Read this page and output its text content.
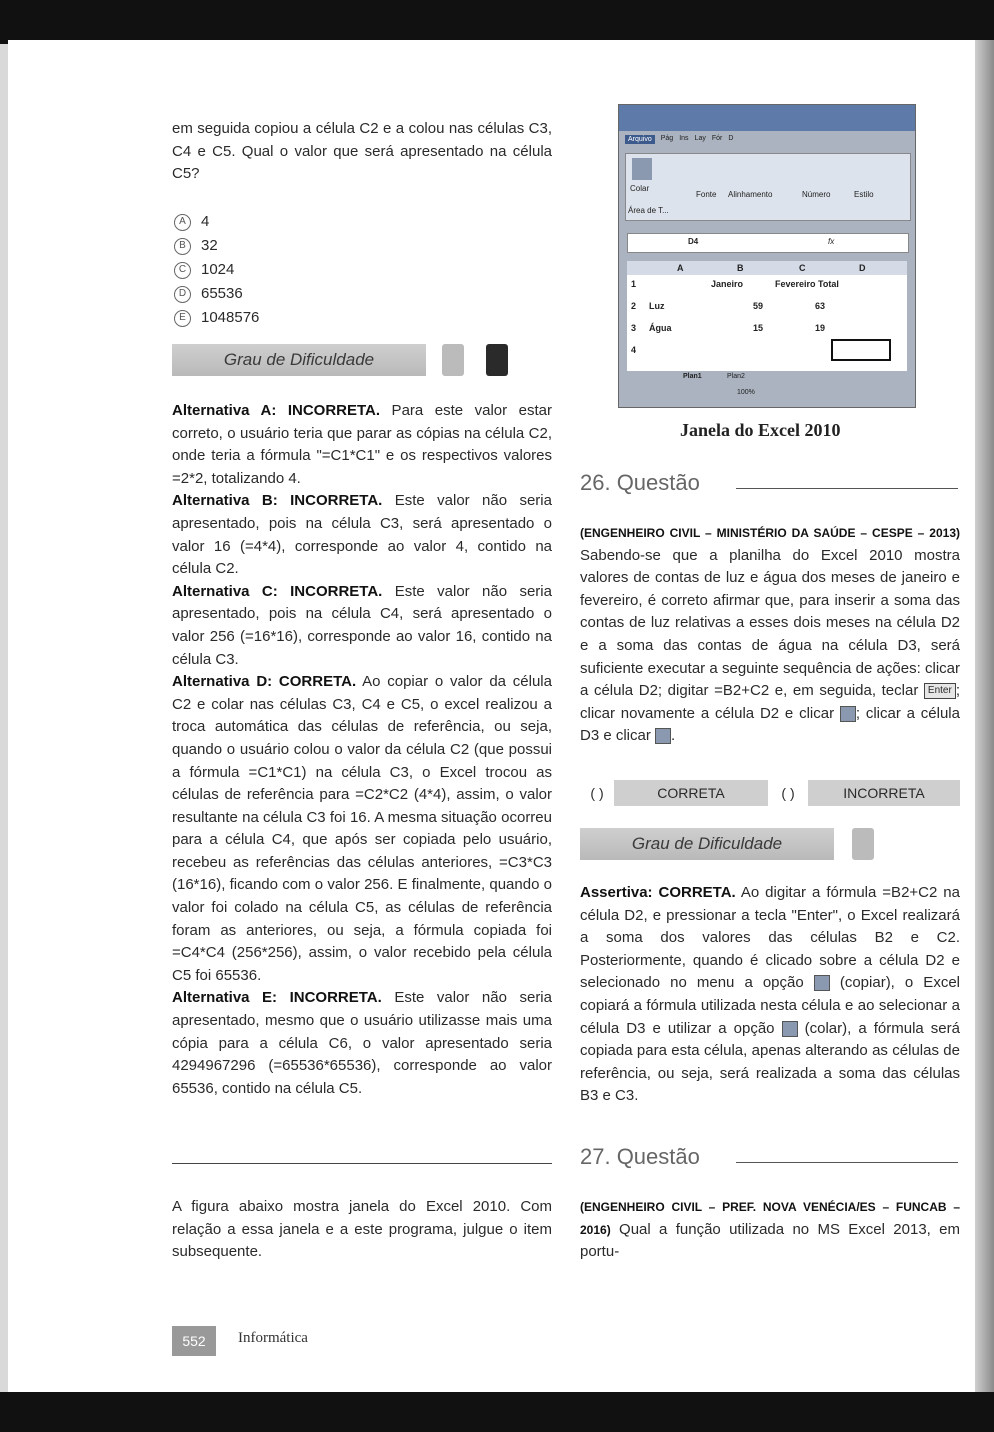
em seguida copiou a célula C2 e a colou nas células C3, C4 e C5. Qual o valor que será apresentado na célula C5?
A	4
B	32
C 1024
D 65536
E	1048576
Grau de Dificuldade
Alternativa A: INCORRETA. Para este valor estar correto, o usuário teria que parar as cópias na célula C2, onde teria a fórmula "=C1*C1" e os respectivos valores =2*2, totalizando 4.
Alternativa B: INCORRETA. Este valor não seria apresentado, pois na célula C3, será apresentado o valor 16 (=4*4), corresponde ao valor 4, contido na célula C2.
Alternativa C: INCORRETA. Este valor não seria apresentado, pois na célula C4, será apresentado o valor 256 (=16*16), corresponde ao valor 16, contido na célula C3.
Alternativa D: CORRETA. Ao copiar o valor da célula C2 e colar nas células C3, C4 e C5, o excel realizou a troca automática das células de referência, ou seja, quando o usuário colou o valor da célula C2 (que possui a fórmula =C1*C1) na célula C3, o Excel trocou as células de referência para =C2*C2 (4*4), assim, o valor resultante na célula C3 foi 16. A mesma situação ocorreu para a célula C4, que após ser copiada pelo usuário, recebeu as referências das células anteriores, =C3*C3 (16*16), ficando com o valor 256. E finalmente, quando o valor foi colado na célula C5, as células de referência foram as anteriores, ou seja, a fórmula copiada foi =C4*C4 (256*256), assim, o valor recebido pela célula C5 foi 65536.
Alternativa E: INCORRETA. Este valor não seria apresentado, mesmo que o usuário utilizasse mais uma cópia para a célula C6, o valor apresentado seria 4294967296 (=65536*65536), corresponde ao valor 65536, contido na célula C5.
A figura abaixo mostra janela do Excel 2010. Com relação a essa janela e a este programa, julgue o item subsequente.
Arquivo	Pág Ins Lay Fór D
Colar
Área de T...
Fonte Alinhamento	Número	Estilo
D4	fx
A	B	C	D
1	Janeiro	Fevereiro Total
2 Luz	59	63
3 Água	15	19
4
Plan1	Plan2
100%
Janela do Excel 2010
26. Questão
(ENGENHEIRO CIVIL – MINISTÉRIO DA SAÚDE – CESPE – 2013) Sabendo-se que a planilha do Excel 2010 mostra valores de contas de luz e água dos meses de janeiro e fevereiro, é correto afirmar que, para inserir a soma das contas de luz relativas a esses dois meses na célula D2 e a soma das contas de água na célula D3, será suficiente executar a seguinte sequência de ações: clicar a célula D2; digitar =B2+C2 e, em seguida, teclar Enter ; clicar novamente a célula D2 e clicar ; clicar a célula D3 e clicar .
( )	CORRETA	( )	INCORRETA
Grau de Dificuldade
Assertiva: CORRETA. Ao digitar a fórmula =B2+C2 na célula D2, e pressionar a tecla "Enter", o Excel realizará a soma dos valores das células B2 e C2. Posteriormente, quando é clicado sobre a célula D2 e selecionado no menu a opção  (copiar), o Excel copiará a fórmula utilizada nesta célula e ao selecionar a célula D3 e utilizar a opção  (colar), a fórmula será copiada para esta célula, apenas alterando as células de referência, ou seja, será realizada a soma das células B3 e C3.
27. Questão
(ENGENHEIRO CIVIL – PREF. NOVA VENÉCIA/ES – FUNCAB – 2016) Qual a função utilizada no MS Excel 2013, em portu-
552	Informática
